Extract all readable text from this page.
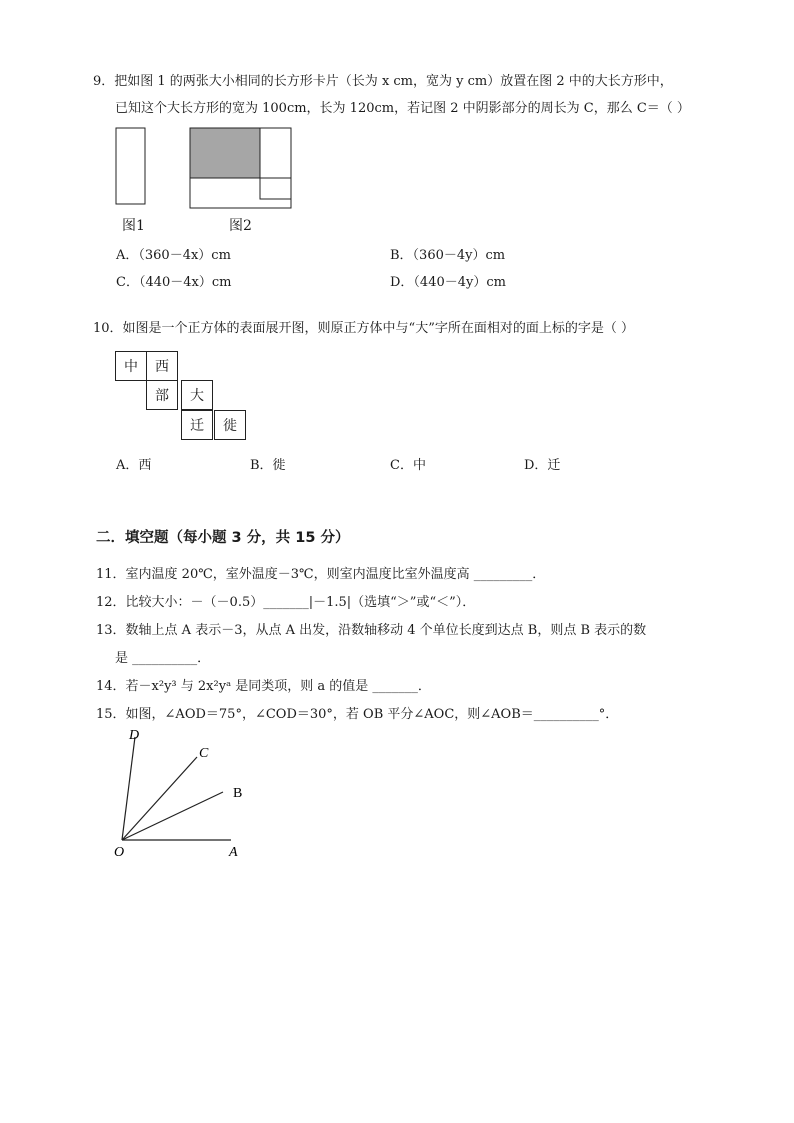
9．把如图 1 的两张大小相同的长方形卡片（长为 x cm，宽为 y cm）放置在图 2 中的大长方形中，
已知这个大长方形的宽为 100cm，长为 120cm，若记图 2 中阴影部分的周长为 C，那么 C＝（ ）
图1	图2
A．（360－4x）cm	B．（360－4y）cm
C．（440－4x）cm	D．（440－4y）cm
10．如图是一个正方体的表面展开图，则原正方体中与“大”字所在面相对的面上标的字是（ ）
中	西
部	大
迁	徙
A．西	B．徙	C．中	D．迁
二．填空题（每小题 3 分，共 15 分）
11．室内温度 20℃，室外温度－3℃，则室内温度比室外温度高 _________．
12．比较大小：－（－0.5）_______|－1.5|（选填“＞”或“＜”）．
13．数轴上点 A 表示－3，从点 A 出发，沿数轴移动 4 个单位长度到达点 B，则点 B 表示的数
是 __________．
14．若－x²y³ 与 2x²yᵃ 是同类项，则 a 的值是 _______．
15．如图，∠AOD＝75°，∠COD＝30°，若 OB 平分∠AOC，则∠AOB＝__________°．
D
C
B
O	A
